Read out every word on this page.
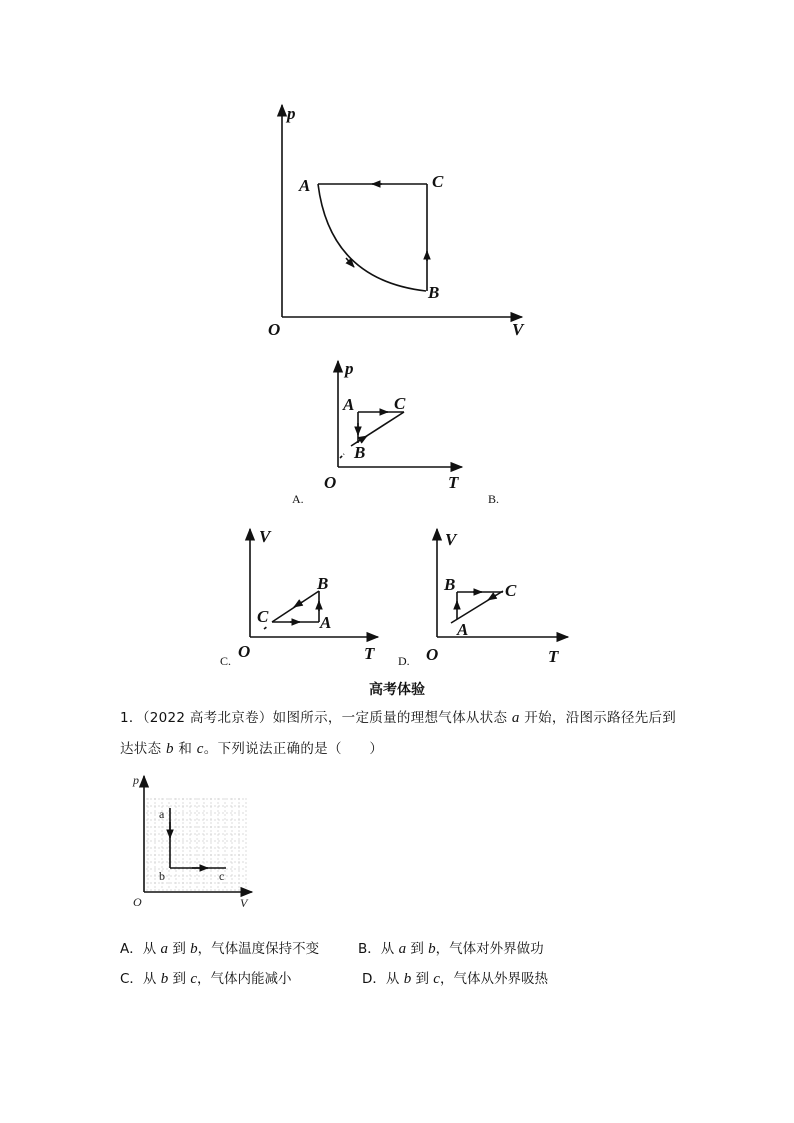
p
V
O
A	C
B
p
T
O
A
B
C
A.	B.
V
T
O
C
B
A
C.
V
T
O
B	C
A
D.
高考体验
1．（2022 高考北京卷）如图所示，一定质量的理想气体从状态 a 开始，沿图示路径先后到
达状态 b 和 c。下列说法正确的是（　　）
p
V
O
a
b	c
A．从 a 到 b，气体温度保持不变	B．从 a 到 b，气体对外界做功
C．从 b 到 c，气体内能减小	D．从 b 到 c，气体从外界吸热
